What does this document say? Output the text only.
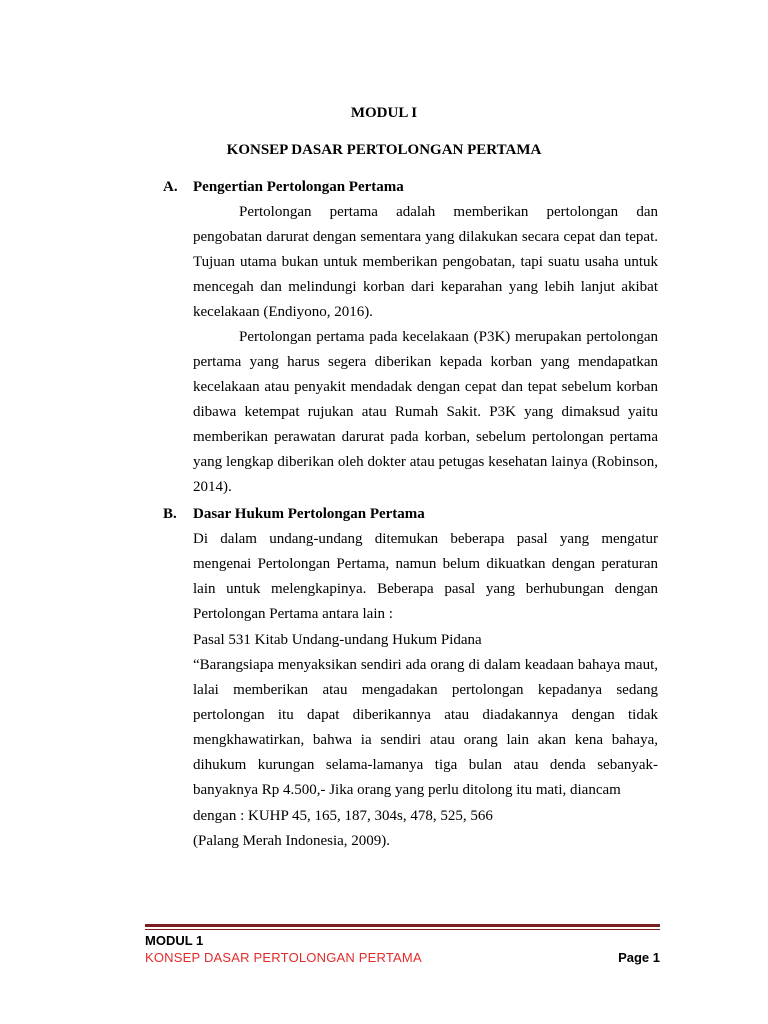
MODUL I
KONSEP DASAR PERTOLONGAN PERTAMA
A. Pengertian Pertolongan Pertama
Pertolongan pertama adalah memberikan pertolongan dan pengobatan darurat dengan sementara yang dilakukan secara cepat dan tepat. Tujuan utama bukan untuk memberikan pengobatan, tapi suatu usaha untuk mencegah dan melindungi korban dari keparahan yang lebih lanjut akibat kecelakaan (Endiyono, 2016).
Pertolongan pertama pada kecelakaan (P3K) merupakan pertolongan pertama yang harus segera diberikan kepada korban yang mendapatkan kecelakaan atau penyakit mendadak dengan cepat dan tepat sebelum korban dibawa ketempat rujukan atau Rumah Sakit. P3K yang dimaksud yaitu memberikan perawatan darurat pada korban, sebelum pertolongan pertama yang lengkap diberikan oleh dokter atau petugas kesehatan lainya (Robinson, 2014).
B. Dasar Hukum Pertolongan Pertama
Di dalam undang-undang ditemukan beberapa pasal yang mengatur mengenai Pertolongan Pertama, namun belum dikuatkan dengan peraturan lain untuk melengkapinya. Beberapa pasal yang berhubungan dengan Pertolongan Pertama antara lain :
Pasal 531 Kitab Undang-undang Hukum Pidana
“Barangsiapa menyaksikan sendiri ada orang di dalam keadaan bahaya maut, lalai memberikan atau mengadakan pertolongan kepadanya sedang pertolongan itu dapat diberikannya atau diadakannya dengan tidak mengkhawatirkan, bahwa ia sendiri atau orang lain akan kena bahaya, dihukum kurungan selama-lamanya tiga bulan atau denda sebanyak-banyaknya Rp 4.500,- Jika orang yang perlu ditolong itu mati, diancam
dengan : KUHP 45, 165, 187, 304s, 478, 525, 566
(Palang Merah Indonesia, 2009).
MODUL 1
KONSEP DASAR PERTOLONGAN PERTAMA	Page 1
